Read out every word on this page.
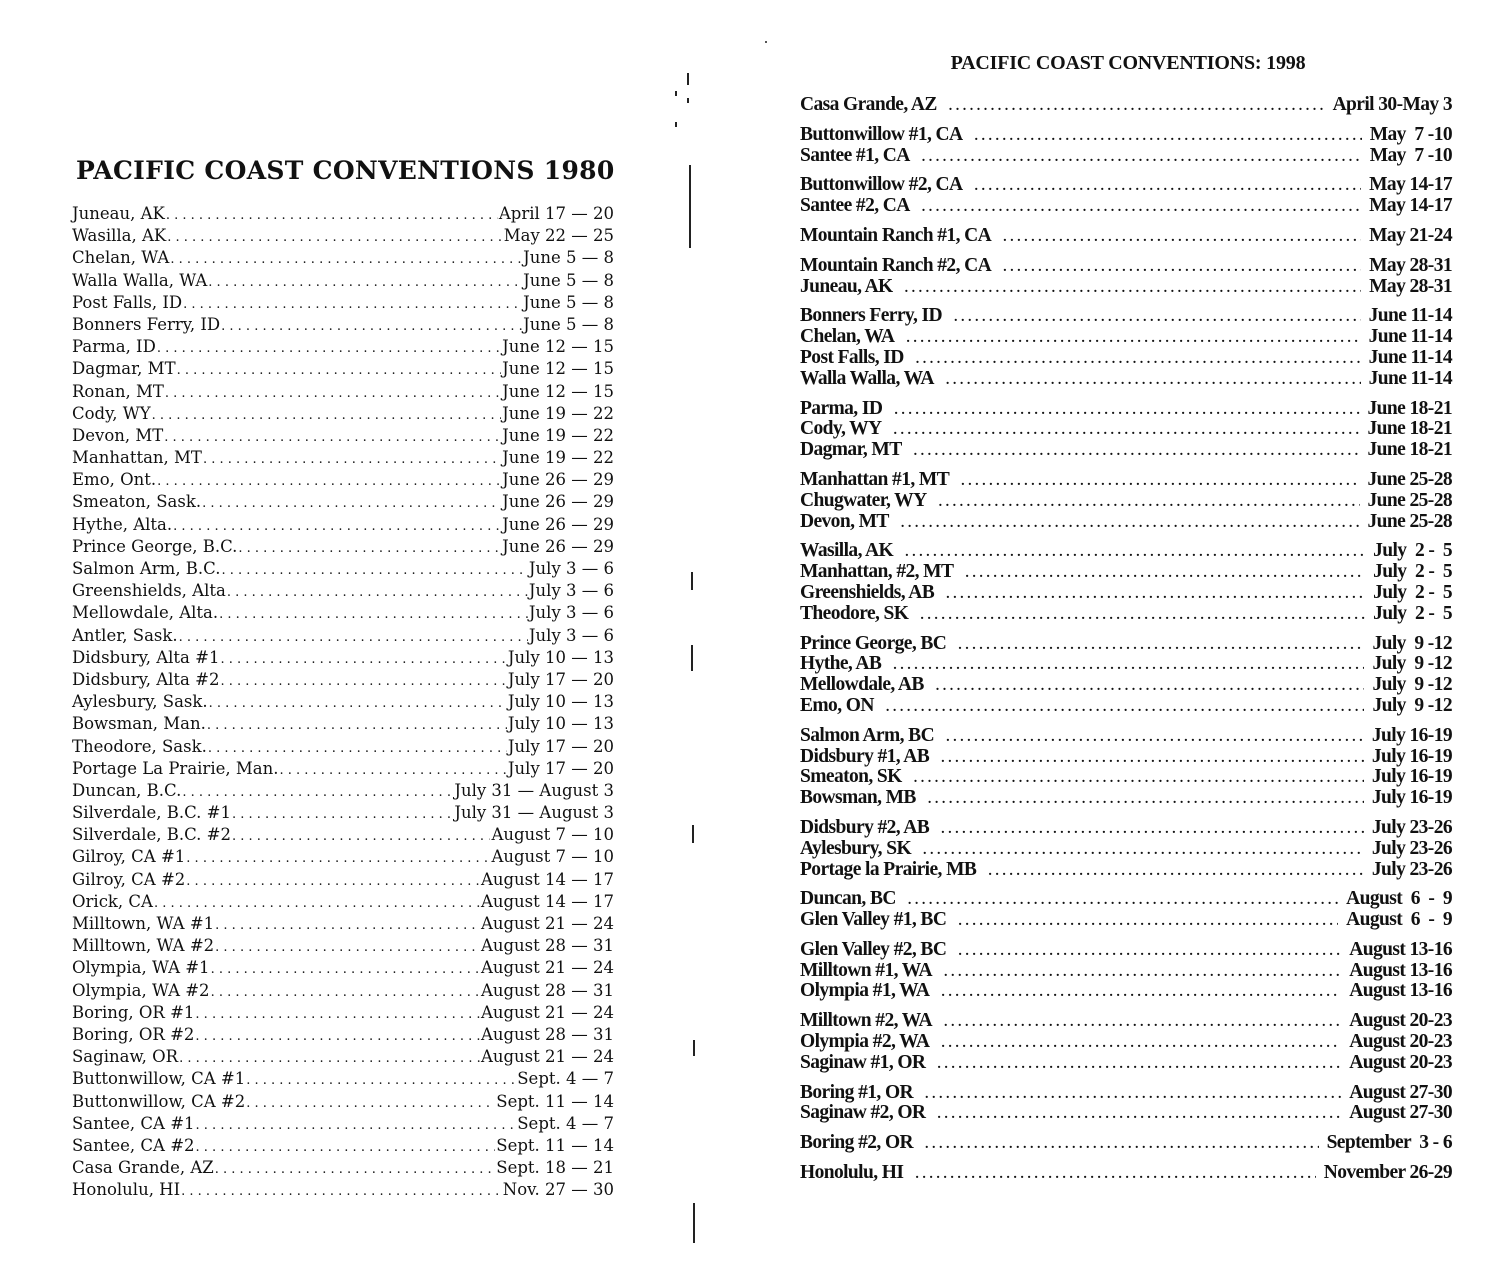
PACIFIC COAST CONVENTIONS 1980
Juneau, AK . . .	April 17 — 20
Wasilla, AK . . .	May 22 — 25
Chelan, WA . . .	June 5 — 8
Walla Walla, WA . . .	June 5 — 8
Post Falls, ID . . .	June 5 — 8
Bonners Ferry, ID . . .	June 5 — 8
Parma, ID . . .	June 12 — 15
Dagmar, MT . . .	June 12 — 15
Ronan, MT . . .	June 12 — 15
Cody, WY . . .	June 19 — 22
Devon, MT . . .	June 19 — 22
Manhattan, MT . . .	June 19 — 22
Emo, Ont. . . .	June 26 — 29
Smeaton, Sask. . . .	June 26 — 29
Hythe, Alta. . . .	June 26 — 29
Prince George, B.C. . . .	June 26 — 29
Salmon Arm, B.C. . . .	July 3 — 6
Greenshields, Alta . . .	July 3 — 6
Mellowdale, Alta. . . .	July 3 — 6
Antler, Sask. . . .	July 3 — 6
Didsbury, Alta #1 . . .	July 10 — 13
Didsbury, Alta #2 . . .	July 17 — 20
Aylesbury, Sask. . . .	July 10 — 13
Bowsman, Man. . . .	July 10 — 13
Theodore, Sask. . . .	July 17 — 20
Portage La Prairie, Man. . . .	July 17 — 20
Duncan, B.C. . . .	July 31 — August 3
Silverdale, B.C. #1 . . .	July 31 — August 3
Silverdale, B.C. #2 . . .	August 7 — 10
Gilroy, CA #1 . . .	August 7 — 10
Gilroy, CA #2 . . .	August 14 — 17
Orick, CA . . .	August 14 — 17
Milltown, WA #1 . . .	August 21 — 24
Milltown, WA #2 . . .	August 28 — 31
Olympia, WA #1 . . .	August 21 — 24
Olympia, WA #2 . . .	August 28 — 31
Boring, OR #1 . . .	August 21 — 24
Boring, OR #2 . . .	August 28 — 31
Saginaw, OR . . .	August 21 — 24
Buttonwillow, CA #1 . . .	Sept. 4 — 7
Buttonwillow, CA #2 . . .	Sept. 11 — 14
Santee, CA #1 . . .	Sept. 4 — 7
Santee, CA #2 . . .	Sept. 11 — 14
Casa Grande, AZ . . .	Sept. 18 — 21
Honolulu, HI . . .	Nov. 27 — 30
PACIFIC COAST CONVENTIONS: 1998
Casa Grande, AZ . . .	April 30-May 3
Buttonwillow #1, CA . . .	May  7 -10
Santee #1, CA . . .	May  7 -10
Buttonwillow #2, CA . . .	May 14-17
Santee #2, CA . . .	May 14-17
Mountain Ranch #1, CA . . .	May 21-24
Mountain Ranch #2, CA . . .	May 28-31
Juneau, AK . . .	May 28-31
Bonners Ferry, ID . . .	June 11-14
Chelan, WA . . .	June 11-14
Post Falls, ID . . .	June 11-14
Walla Walla, WA . . .	June 11-14
Parma, ID . . .	June 18-21
Cody, WY . . .	June 18-21
Dagmar, MT . . .	June 18-21
Manhattan #1, MT . . .	June 25-28
Chugwater, WY . . .	June 25-28
Devon, MT . . .	June 25-28
Wasilla, AK . . .	July  2 -  5
Manhattan, #2, MT . . .	July  2 -  5
Greenshields, AB . . .	July  2 -  5
Theodore, SK . . .	July  2 -  5
Prince George, BC . . .	July  9 -12
Hythe, AB . . .	July  9 -12
Mellowdale, AB . . .	July  9 -12
Emo, ON . . .	July  9 -12
Salmon Arm, BC . . .	July 16-19
Didsbury #1, AB . . .	July 16-19
Smeaton, SK . . .	July 16-19
Bowsman, MB . . .	July 16-19
Didsbury #2, AB . . .	July 23-26
Aylesbury, SK . . .	July 23-26
Portage la Prairie, MB . . .	July 23-26
Duncan, BC . . .	August  6  -  9
Glen Valley #1, BC . . .	August  6  -  9
Glen Valley #2, BC . . .	August 13-16
Milltown #1, WA . . .	August 13-16
Olympia #1, WA . . .	August 13-16
Milltown #2, WA . . .	August 20-23
Olympia #2, WA . . .	August 20-23
Saginaw #1, OR . . .	August 20-23
Boring #1, OR . . .	August 27-30
Saginaw #2, OR . . .	August 27-30
Boring #2, OR . . .	September  3 - 6
Honolulu, HI . . .	November 26-29
